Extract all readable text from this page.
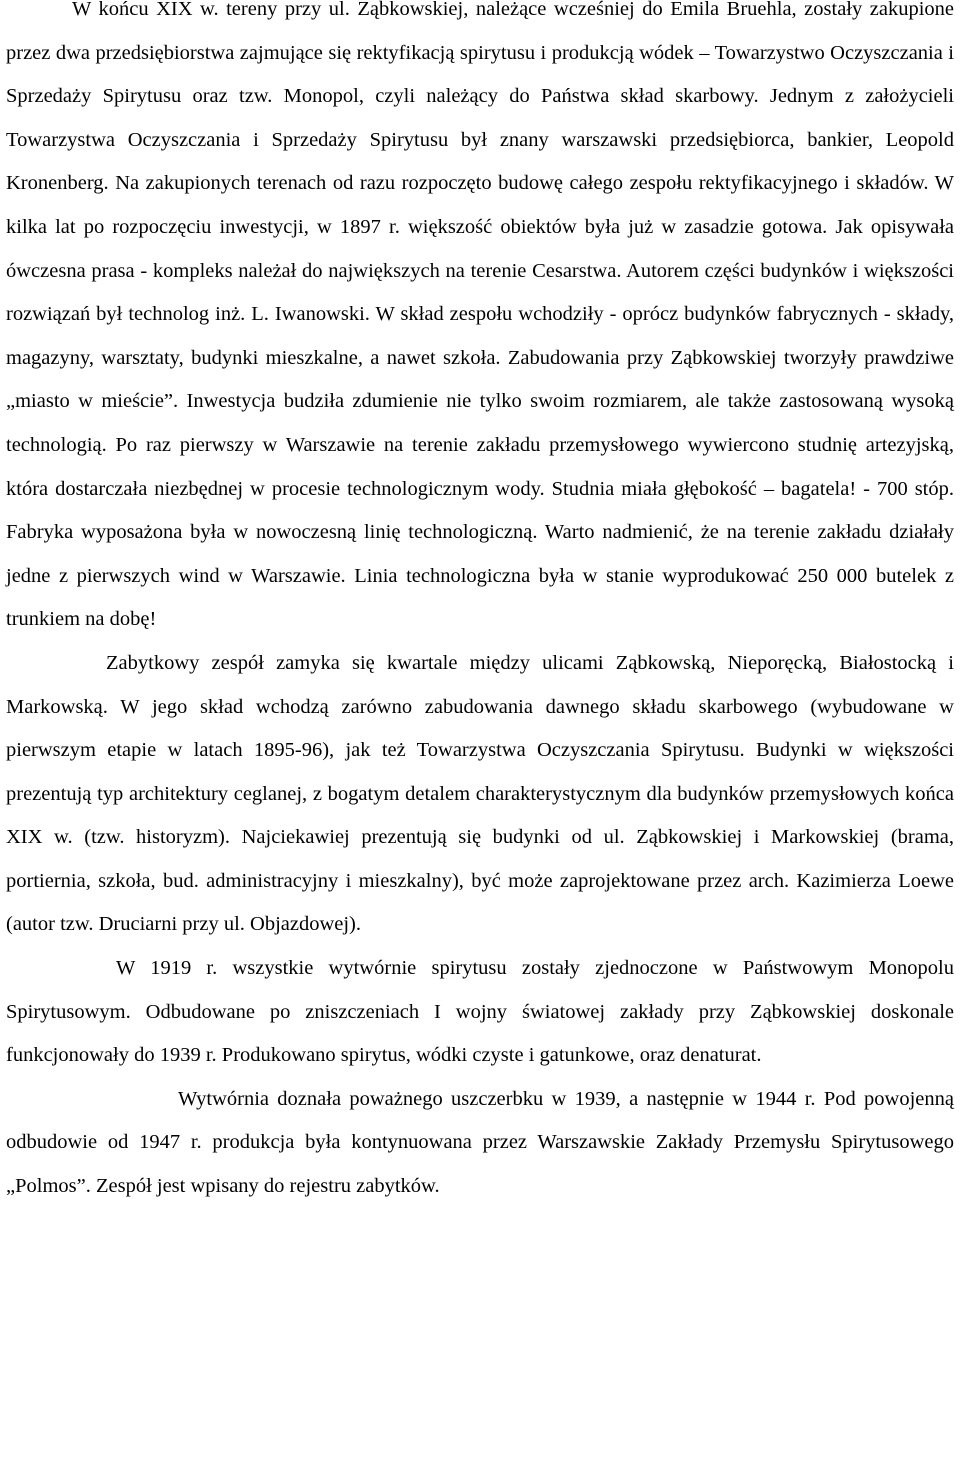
W końcu XIX w. tereny przy ul. Ząbkowskiej, należące wcześniej do Emila Bruehla, zostały zakupione przez dwa przedsiębiorstwa zajmujące się rektyfikacją spirytusu i produkcją wódek – Towarzystwo Oczyszczania i Sprzedaży Spirytusu oraz tzw. Monopol, czyli należący do Państwa skład skarbowy. Jednym z założycieli Towarzystwa Oczyszczania i Sprzedaży Spirytusu był znany warszawski przedsiębiorca, bankier, Leopold Kronenberg. Na zakupionych terenach od razu rozpoczęto budowę całego zespołu rektyfikacyjnego i składów. W kilka lat po rozpoczęciu inwestycji, w 1897 r. większość obiektów była już w zasadzie gotowa. Jak opisywała ówczesna prasa - kompleks należał do największych na terenie Cesarstwa. Autorem części budynków i większości rozwiązań był technolog inż. L. Iwanowski. W skład zespołu wchodziły - oprócz budynków fabrycznych - składy, magazyny, warsztaty, budynki mieszkalne, a nawet szkoła. Zabudowania przy Ząbkowskiej tworzyły prawdziwe „miasto w mieście”. Inwestycja budziła zdumienie nie tylko swoim rozmiarem, ale także zastosowaną wysoką technologią. Po raz pierwszy w Warszawie na terenie zakładu przemysłowego wywiercono studnię artezyjską, która dostarczała niezbędnej w procesie technologicznym wody. Studnia miała głębokość – bagatela! - 700 stóp. Fabryka wyposażona była w nowoczesną linię technologiczną. Warto nadmienić, że na terenie zakładu działały jedne z pierwszych wind w Warszawie. Linia technologiczna była w stanie wyprodukować 250 000 butelek z trunkiem na dobę!

Zabytkowy zespół zamyka się kwartale między ulicami Ząbkowską, Nieporęcką, Białostocką i Markowską. W jego skład wchodzą zarówno zabudowania dawnego składu skarbowego (wybudowane w pierwszym etapie w latach 1895-96), jak też Towarzystwa Oczyszczania Spirytusu. Budynki w większości prezentują typ architektury ceglanej, z bogatym detalem charakterystycznym dla budynków przemysłowych końca XIX w. (tzw. historyzm). Najciekawiej prezentują się budynki od ul. Ząbkowskiej i Markowskiej (brama, portiernia, szkoła, bud. administracyjny i mieszkalny), być może zaprojektowane przez arch. Kazimierza Loewe (autor tzw. Druciarni przy ul. Objazdowej).

W 1919 r. wszystkie wytwórnie spirytusu zostały zjednoczone w Państwowym Monopolu Spirytusowym. Odbudowane po zniszczeniach I wojny światowej zakłady przy Ząbkowskiej doskonale funkcjonowały do 1939 r. Produkowano spirytus, wódki czyste i gatunkowe, oraz denaturat.

Wytwórnia doznała poważnego uszczerbku w 1939, a następnie w 1944 r. Pod powojenną odbudowie od 1947 r. produkcja była kontynuowana przez Warszawskie Zakłady Przemysłu Spirytusowego „Polmos”. Zespół jest wpisany do rejestru zabytków.
